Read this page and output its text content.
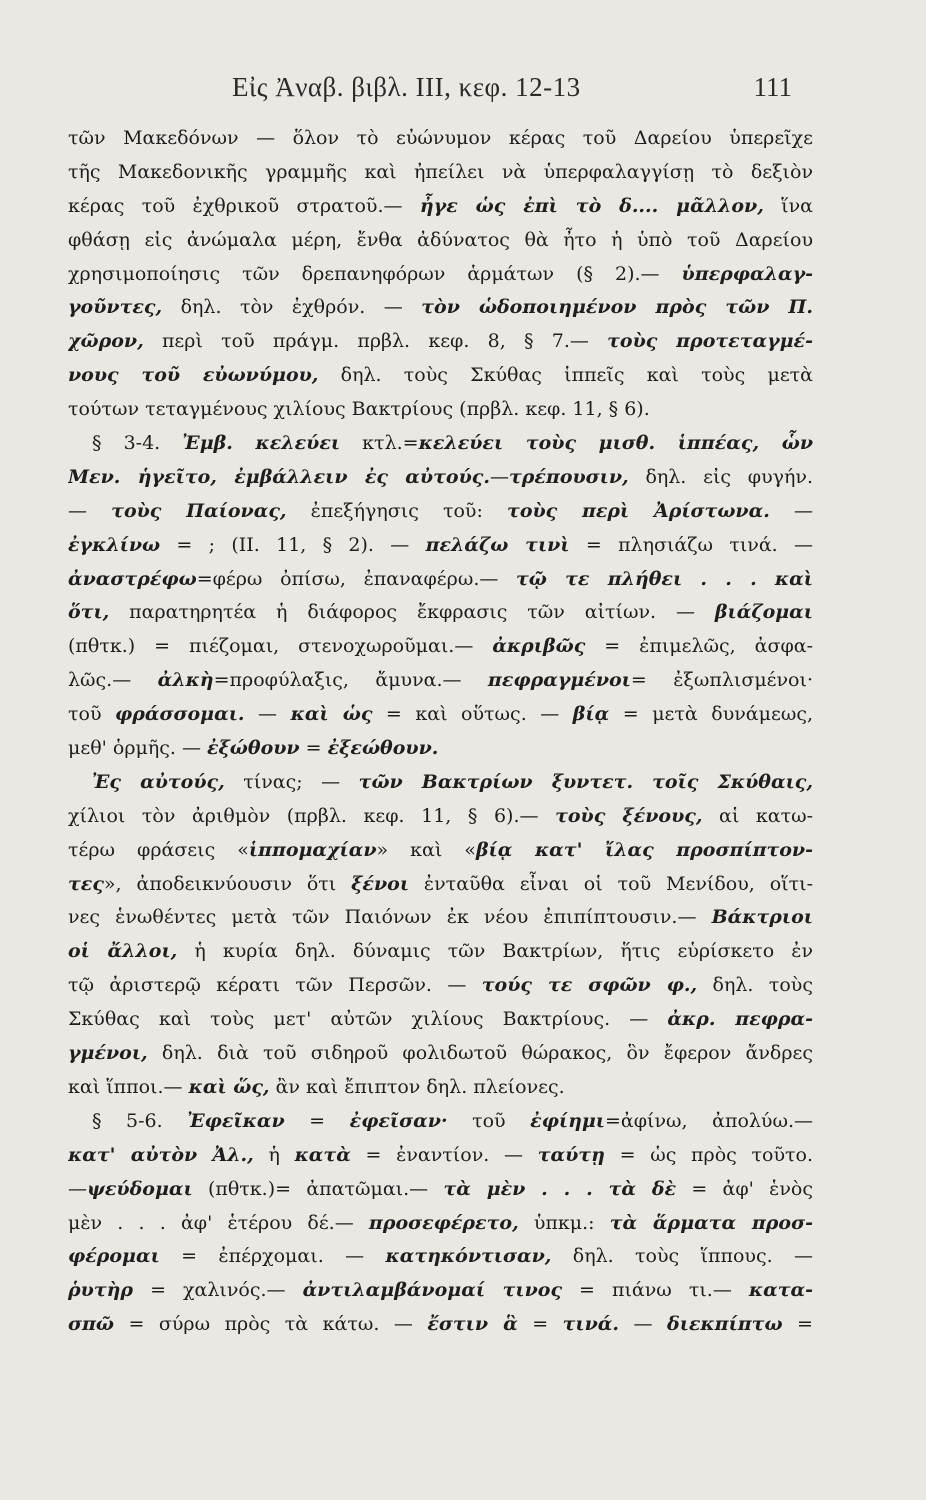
Εἰς Ἀναβ. βιβλ. III, κεφ. 12-13	111
τῶν Μακεδόνων — ὅλον τὸ εὐώνυμον κέρας τοῦ Δαρείου ὑπερεῖχε
τῆς Μακεδονικῆς γραμμῆς καὶ ἠπείλει νὰ ὑπερφαλαγγίσῃ τὸ δεξιὸν
κέρας τοῦ ἐχθρικοῦ στρατοῦ.— ἦγε ὡς ἐπὶ τὸ δ.... μᾶλλον, ἵνα
φθάσῃ εἰς ἀνώμαλα μέρη, ἔνθα ἀδύνατος θὰ ἦτο ἡ ὑπὸ τοῦ Δαρείου
χρησιμοποίησις τῶν δρεπανηφόρων ἁρμάτων (§ 2).— ὑπερφαλαγ-
γοῦντες, δηλ. τὸν ἐχθρόν. — τὸν ὡδοποιημένον πρὸς τῶν Π.
χῶρον, περὶ τοῦ πράγμ. πρβλ. κεφ. 8, § 7.— τοὺς προτεταγμέ-
νους τοῦ εὐωνύμου, δηλ. τοὺς Σκύθας ἱππεῖς καὶ τοὺς μετὰ
τούτων τεταγμένους χιλίους Βακτρίους (πρβλ. κεφ. 11, § 6).
§ 3-4. Ἐμβ. κελεύει κτλ.=κελεύει τοὺς μισθ. ἱππέας, ὧν
Μεν. ἡγεῖτο, ἐμβάλλειν ἐς αὐτούς.—τρέπουσιν, δηλ. εἰς φυγήν.
— τοὺς Παίονας, ἐπεξήγησις τοῦ: τοὺς περὶ Ἀρίστωνα. —
ἐγκλίνω = ; (II. 11, § 2). — πελάζω τινὶ = πλησιάζω τινά. —
ἀναστρέφω=φέρω ὀπίσω, ἐπαναφέρω.— τῷ τε πλήθει . . . καὶ
ὅτι, παρατηρητέα ἡ διάφορος ἔκφρασις τῶν αἰτίων. — βιάζομαι
(πθτκ.) = πιέζομαι, στενοχωροῦμαι.— ἀκριβῶς = ἐπιμελῶς, ἀσφα-
λῶς.— ἀλκὴ=προφύλαξις, ἄμυνα.— πεφραγμένοι= ἐξωπλισμένοι·
τοῦ φράσσομαι. — καὶ ὡς = καὶ οὕτως. — βίᾳ = μετὰ δυνάμεως,
μεθ' ὁρμῆς. — ἐξώθουν = ἐξεώθουν.
Ἐς αὐτούς, τίνας; — τῶν Βακτρίων ξυντετ. τοῖς Σκύθαις,
χίλιοι τὸν ἀριθμὸν (πρβλ. κεφ. 11, § 6).— τοὺς ξένους, αἱ κατω-
τέρω φράσεις «ἱππομαχίαν» καὶ «βίᾳ κατ' ἴλας προσπίπτον-
τες», ἀποδεικνύουσιν ὅτι ξένοι ἐνταῦθα εἶναι οἱ τοῦ Μενίδου, οἵτι-
νες ἑνωθέντες μετὰ τῶν Παιόνων ἐκ νέου ἐπιπίπτουσιν.— Βάκτριοι
οἱ ἄλλοι, ἡ κυρία δηλ. δύναμις τῶν Βακτρίων, ἥτις εὑρίσκετο ἐν
τῷ ἀριστερῷ κέρατι τῶν Περσῶν. — τούς τε σφῶν φ., δηλ. τοὺς
Σκύθας καὶ τοὺς μετ' αὐτῶν χιλίους Βακτρίους. — ἀκρ. πεφρα-
γμένοι, δηλ. διὰ τοῦ σιδηροῦ φολιδωτοῦ θώρακος, ὃν ἔφερον ἄνδρες
καὶ ἵπποι.— καὶ ὥς, ἂν καὶ ἔπιπτον δηλ. πλείονες.
§ 5-6. Ἐφεῖκαν = ἐφεῖσαν· τοῦ ἐφίημι=ἀφίνω, ἀπολύω.—
κατ' αὐτὸν Ἀλ., ἡ κατὰ = ἐναντίον. — ταύτῃ = ὡς πρὸς τοῦτο.
—ψεύδομαι (πθτκ.)= ἀπατῶμαι.— τὰ μὲν . . . τὰ δὲ = ἀφ' ἑνὸς
μὲν . . . ἀφ' ἑτέρου δέ.— προσεφέρετο, ὑπκμ.: τὰ ἅρματα προσ-
φέρομαι = ἐπέρχομαι. — κατηκόντισαν, δηλ. τοὺς ἵππους. —
ῥυτὴρ = χαλινός.— ἀντιλαμβάνομαί τινος = πιάνω τι.— κατα-
σπῶ = σύρω πρὸς τὰ κάτω. — ἔστιν ἃ = τινά. — διεκπίπτω =
